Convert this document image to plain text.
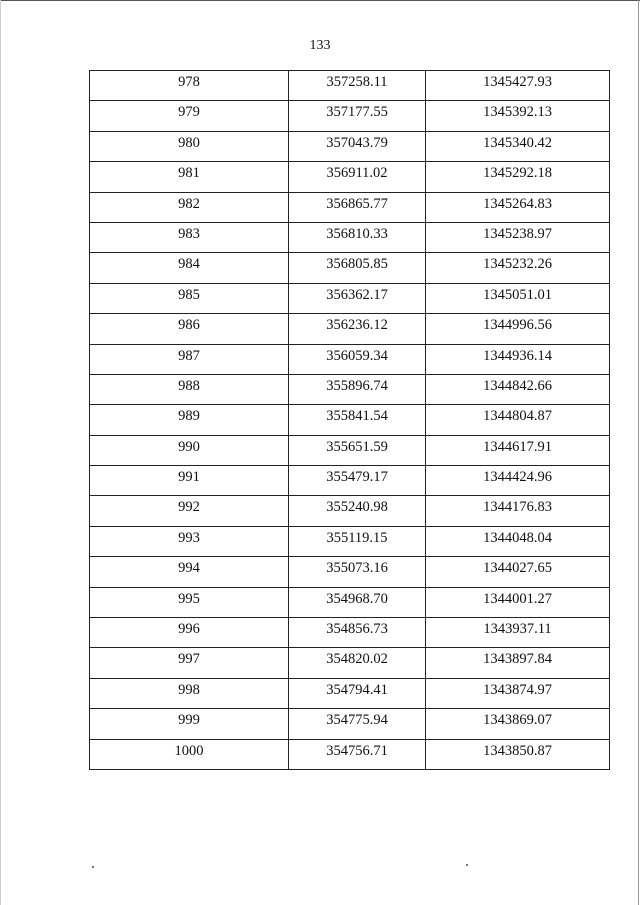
133
978	357258.11	1345427.93
979	357177.55	1345392.13
980	357043.79	1345340.42
981	356911.02	1345292.18
982	356865.77	1345264.83
983	356810.33	1345238.97
984	356805.85	1345232.26
985	356362.17	1345051.01
986	356236.12	1344996.56
987	356059.34	1344936.14
988	355896.74	1344842.66
989	355841.54	1344804.87
990	355651.59	1344617.91
991	355479.17	1344424.96
992	355240.98	1344176.83
993	355119.15	1344048.04
994	355073.16	1344027.65
995	354968.70	1344001.27
996	354856.73	1343937.11
997	354820.02	1343897.84
998	354794.41	1343874.97
999	354775.94	1343869.07
1000	354756.71	1343850.87
